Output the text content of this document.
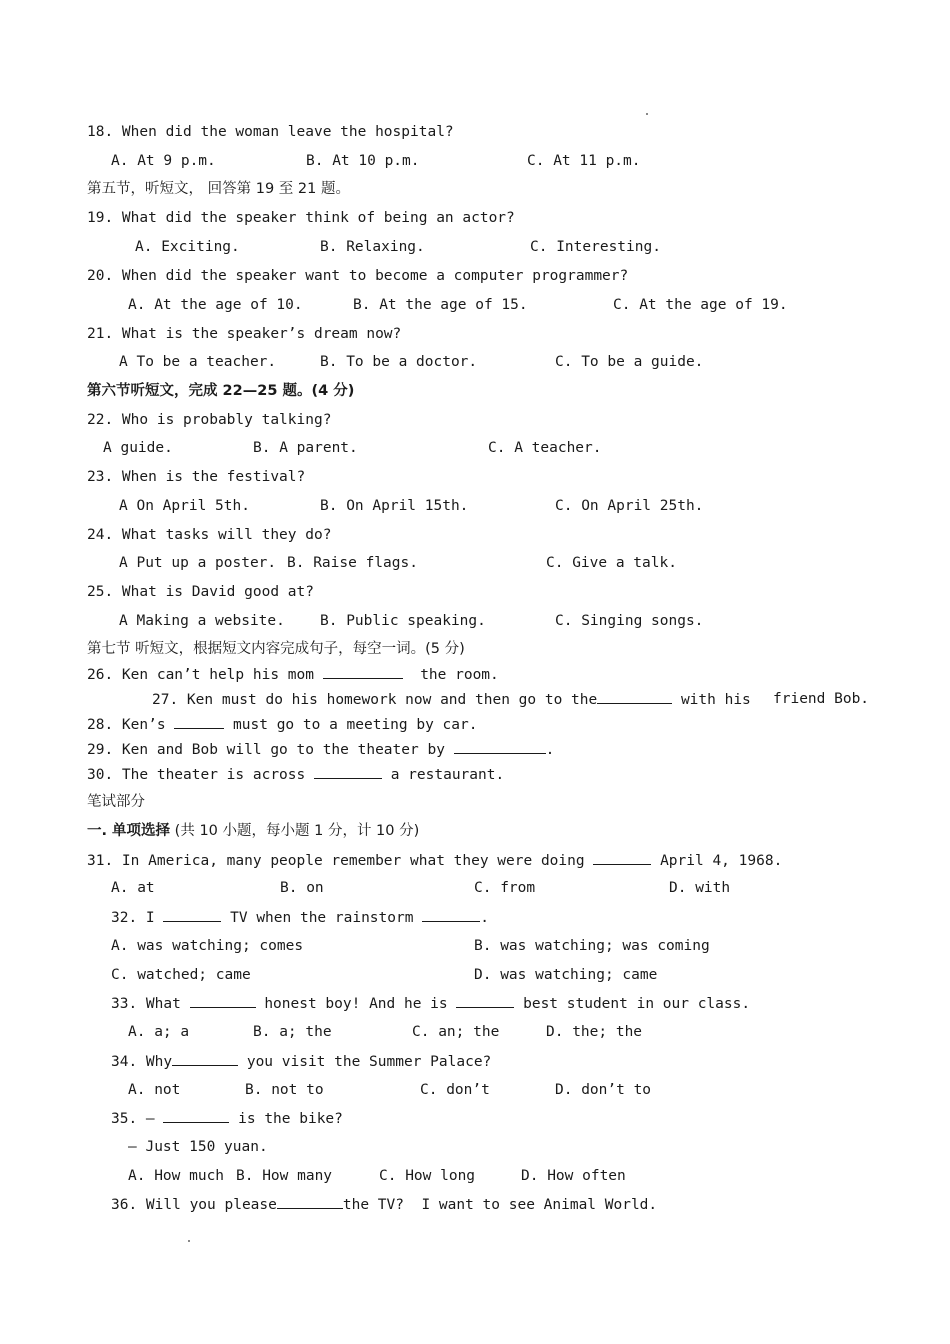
18. When did the woman leave the hospital?
A. At 9 p.m.	B. At 10 p.m.	C. At 11 p.m.
第五节，听短文， 回答第 19 至 21 题。
19. What did the speaker think of being an actor?
A. Exciting.	B. Relaxing.	C. Interesting.
20. When did the speaker want to become a computer programmer?
A. At the age of 10.	B. At the age of 15.	C. At the age of 19.
21. What is the speaker’s dream now?
A To be a teacher.	B. To be a doctor.	C. To be a guide.
第六节听短文，完成 22—25 题。(4 分)
22. Who is probably talking?
A guide.	B. A parent.	C. A teacher.
23. When is the festival?
A On April 5th.	B. On April 15th.	C. On April 25th.
24. What tasks will they do?
A Put up a poster. B. Raise flags.	C. Give a talk.
25. What is David good at?
A Making a website. B. Public speaking.	C. Singing songs.
第七节 听短文，根据短文内容完成句子，每空一词。(5 分)
26. Ken can’t help his mom	the room.
27. Ken must do his homework now and then go to the	with his friend Bob.
28. Ken’s	must go to a meeting by car.
29. Ken and Bob will go to the theater by	.
30. The theater is across	a restaurant.
笔试部分
一. 单项选择 (共 10 小题，每小题 1 分，计 10 分)
31. In America, many people remember what they were doing	April 4, 1968.
A. at	B. on	C. from	D. with
32. I	TV when the rainstorm	.
A. was watching; comes	B. was watching; was coming
C. watched; came	D. was watching; came
33. What	honest boy! And he is	best student in our class.
A. a; a	B. a; the	C. an; the	D. the; the
34. Why	you visit the Summer Palace?
A. not	B. not to	C. don’t	D. don’t to
35. —	is the bike?
— Just 150 yuan.
A. How much B. How many	C. How long	D. How often
36. Will you please	the TV?  I want to see Animal World.
